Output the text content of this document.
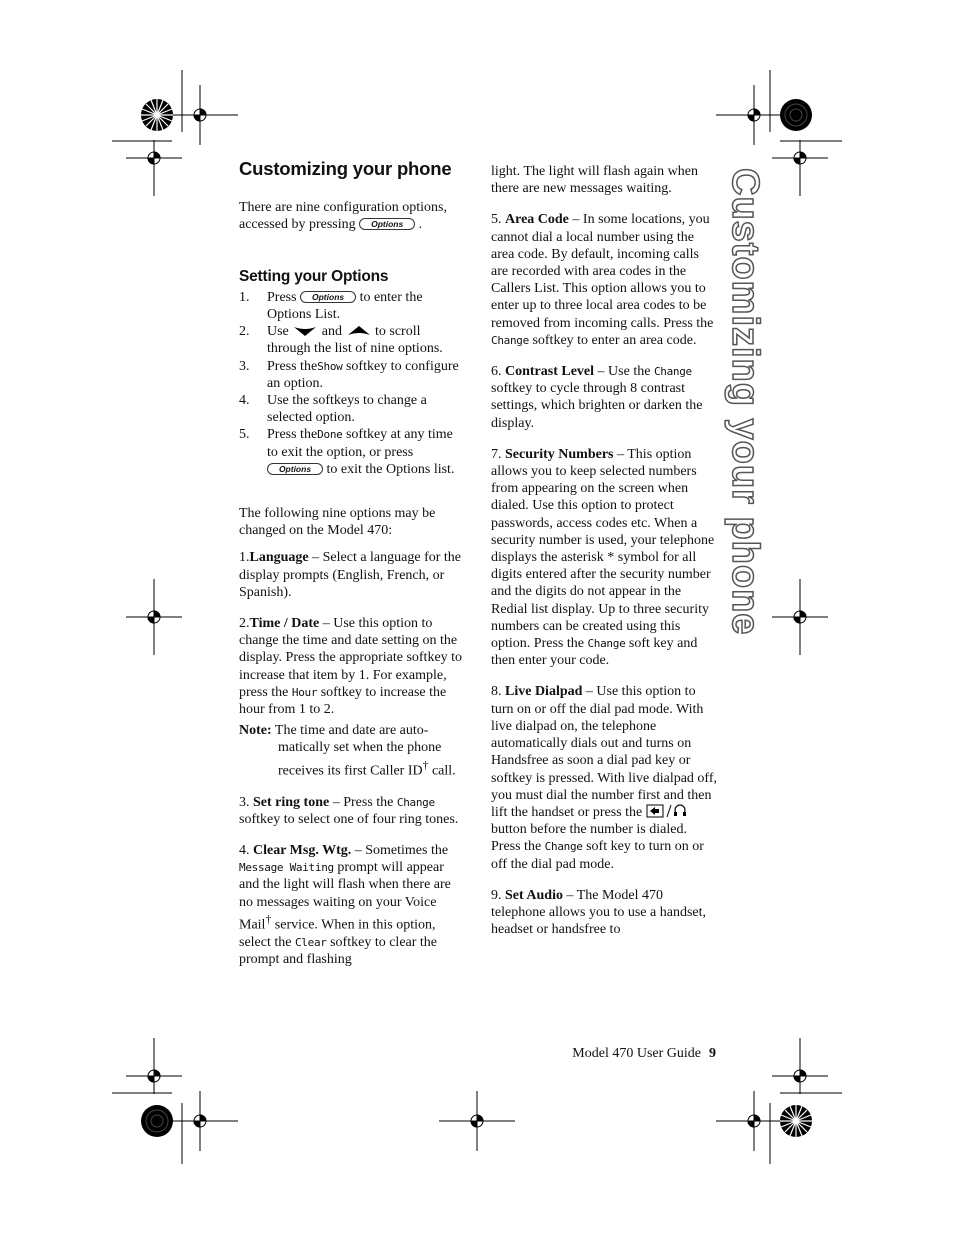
Customizing your phone
Customizing your phone

There are nine configuration options, accessed by pressing Options .

Setting your Options
1. Press Options to enter the Options List.
2. Use and to scroll through the list of nine options.
3. Press theShow softkey to configure an option.
4. Use the softkeys to change a selected option.
5. Press theDone softkey at any time to exit the option, or press Options to exit the Options list.

The following nine options may be changed on the Model 470:

1.Language – Select a language for the display prompts (English, French, or Spanish).

2.Time / Date – Use this option to change the time and date setting on the display. Press the appropriate softkey to increase that item by 1. For example, press the Hour softkey to increase the hour from 1 to 2.

Note: The time and date are auto-matically set when the phone receives its first Caller ID† call.

3. Set ring tone – Press the Change softkey to select one of four ring tones.

4. Clear Msg. Wtg. – Sometimes the Message Waiting prompt will appear and the light will flash when there are no messages waiting on your Voice Mail† service. When in this option, select the Clear softkey to clear the prompt and flashing

light. The light will flash again when there are new messages waiting.

5. Area Code – In some locations, you cannot dial a local number using the area code. By default, incoming calls are recorded with area codes in the Callers List. This option allows you to enter up to three local area codes to be removed from incoming calls. Press the Change softkey to enter an area code.

6. Contrast Level – Use the Change softkey to cycle through 8 contrast settings, which brighten or darken the display.

7. Security Numbers – This option allows you to keep selected numbers from appearing on the screen when dialed. Use this option to protect passwords, access codes etc. When a security number is used, your telephone displays the asterisk * symbol for all digits entered after the security number and the digits do not appear in the Redial list display. Up to three security numbers can be created using this option. Press the Change soft key and then enter your code.

8. Live Dialpad – Use this option to turn on or off the dial pad mode. With live dialpad on, the telephone automatically dials out and turns on Handsfree as soon a dial pad key or softkey is pressed. With live dialpad off, you must dial the number first and then lift the handset or press the  button before the number is dialed. Press the Change soft key to turn on or off the dial pad mode.

9. Set Audio – The Model 470 telephone allows you to use a handset, headset or handsfree to

Model 470 User Guide 9
